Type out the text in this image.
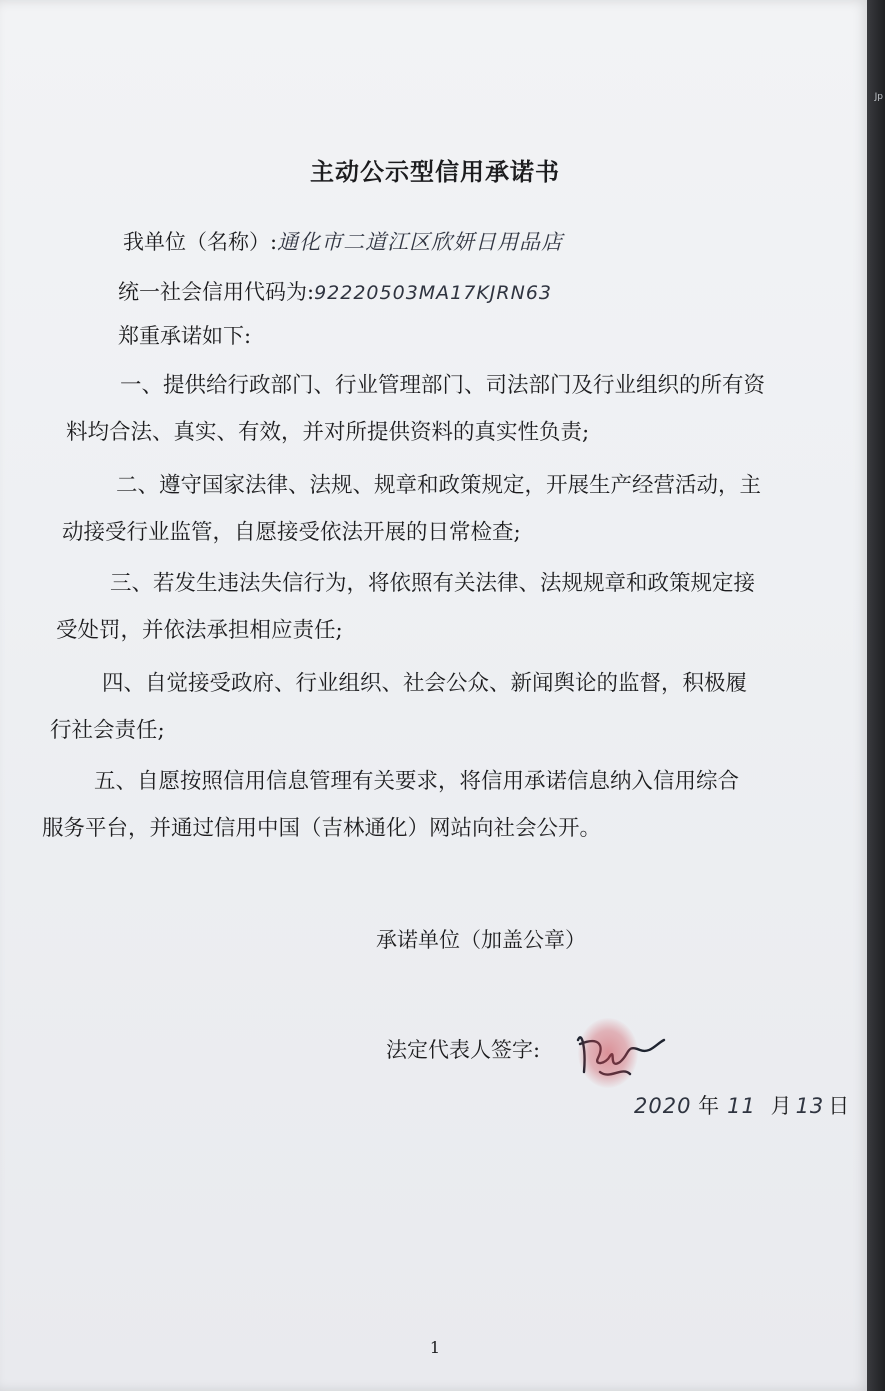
主动公示型信用承诺书
我单位（名称）:通化市二道江区欣妍日用品店
统一社会信用代码为:92220503MA17KJRN63
郑重承诺如下:
一、提供给行政部门、行业管理部门、司法部门及行业组织的所有资
料均合法、真实、有效，并对所提供资料的真实性负责;
二、遵守国家法律、法规、规章和政策规定，开展生产经营活动，主
动接受行业监管，自愿接受依法开展的日常检查;
三、若发生违法失信行为，将依照有关法律、法规规章和政策规定接
受处罚，并依法承担相应责任;
四、自觉接受政府、行业组织、社会公众、新闻舆论的监督，积极履
行社会责任;
五、自愿按照信用信息管理有关要求，将信用承诺信息纳入信用综合
服务平台，并通过信用中国（吉林通化）网站向社会公开。
承诺单位（加盖公章）
法定代表人签字:
2020 年 11 月 13 日
1
Jp
